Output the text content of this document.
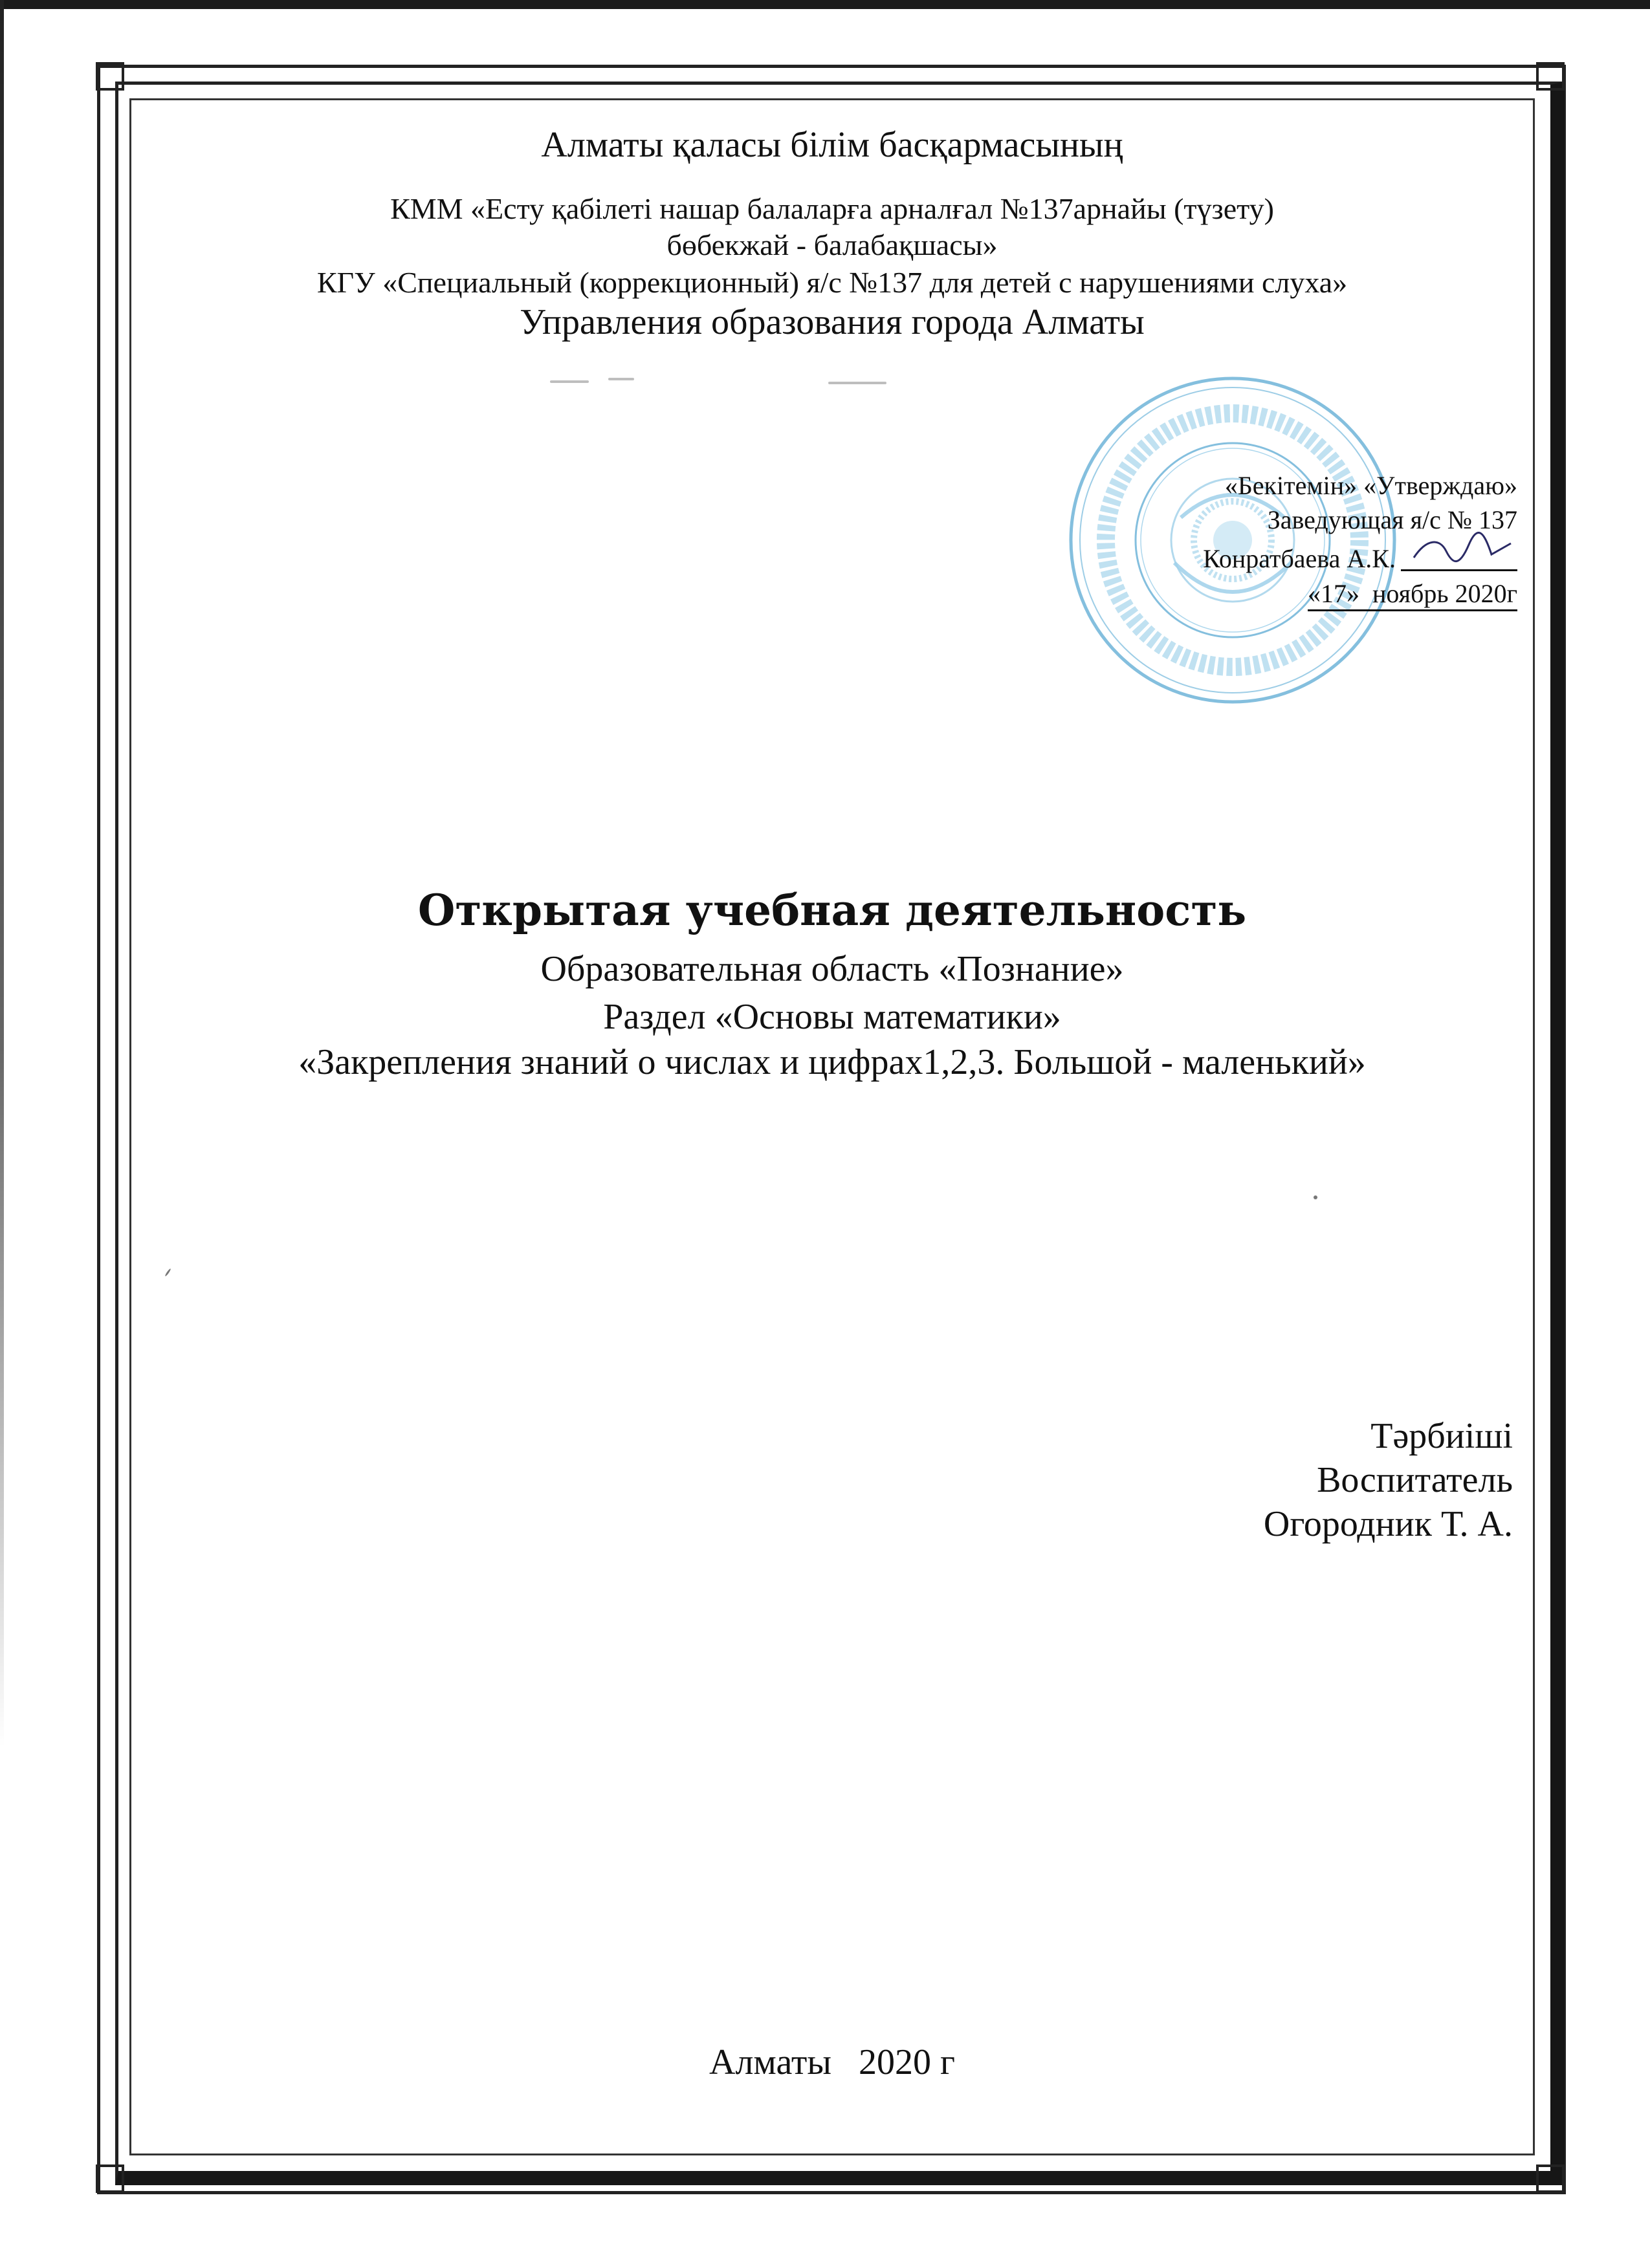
Алматы қаласы білім басқармасының
КММ «Есту қабілеті нашар балаларға арналғал №137арнайы (түзету)
бөбекжай - балабақшасы»
КГУ «Специальный (коррекционный) я/с №137 для детей с нарушениями слуха»
Управления образования города Алматы
«Бекітемін» «Утверждаю»
Заведующая я/с № 137
Конратбаева А.К.
«17»  ноябрь 2020г
Открытая учебная деятельность
Образовательная область «Познание»
Раздел «Основы математики»
«Закрепления знаний о числах и цифрах1,2,3. Большой - маленький»
Тәрбиіші
Воспитатель
Огородник Т. А.
Алматы   2020 г
